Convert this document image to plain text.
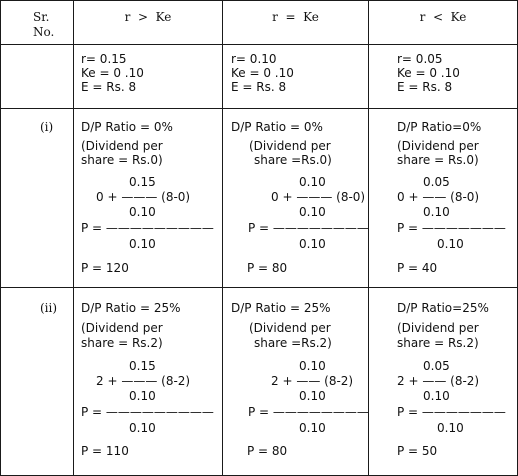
Sr.
No.
r  >  Ke	r  =  Ke	r  <  Ke
r= 0.15
Ke = 0 .10
E = Rs. 8
r= 0.10
Ke = 0 .10
E = Rs. 8
r= 0.05
Ke = 0 .10
E = Rs. 8
(i) D/P Ratio = 0%
(Dividend per
share = Rs.0)
0.15
0 + ——— (8-0)
0.10
P = —————————
0.10
P = 120
D/P Ratio = 0%
(Dividend per
share =Rs.0)
0.10
0 + ——— (8-0)
0.10
P = ————————
0.10
P = 80
D/P Ratio=0%
(Dividend per
share = Rs.0)
0.05
0 + —— (8-0)
0.10
P = ———————
0.10
P = 40
(ii) D/P Ratio = 25%
(Dividend per
share = Rs.2)
0.15
2 + ——— (8-2)
0.10
P = —————————
0.10
P = 110
D/P Ratio = 25%
(Dividend per
share =Rs.2)
0.10
2 + —— (8-2)
0.10
P = ————————
0.10
P = 80
D/P Ratio=25%
(Dividend per
share = Rs.2)
0.05
2 + —— (8-2)
0.10
P = ———————
0.10
P = 50
